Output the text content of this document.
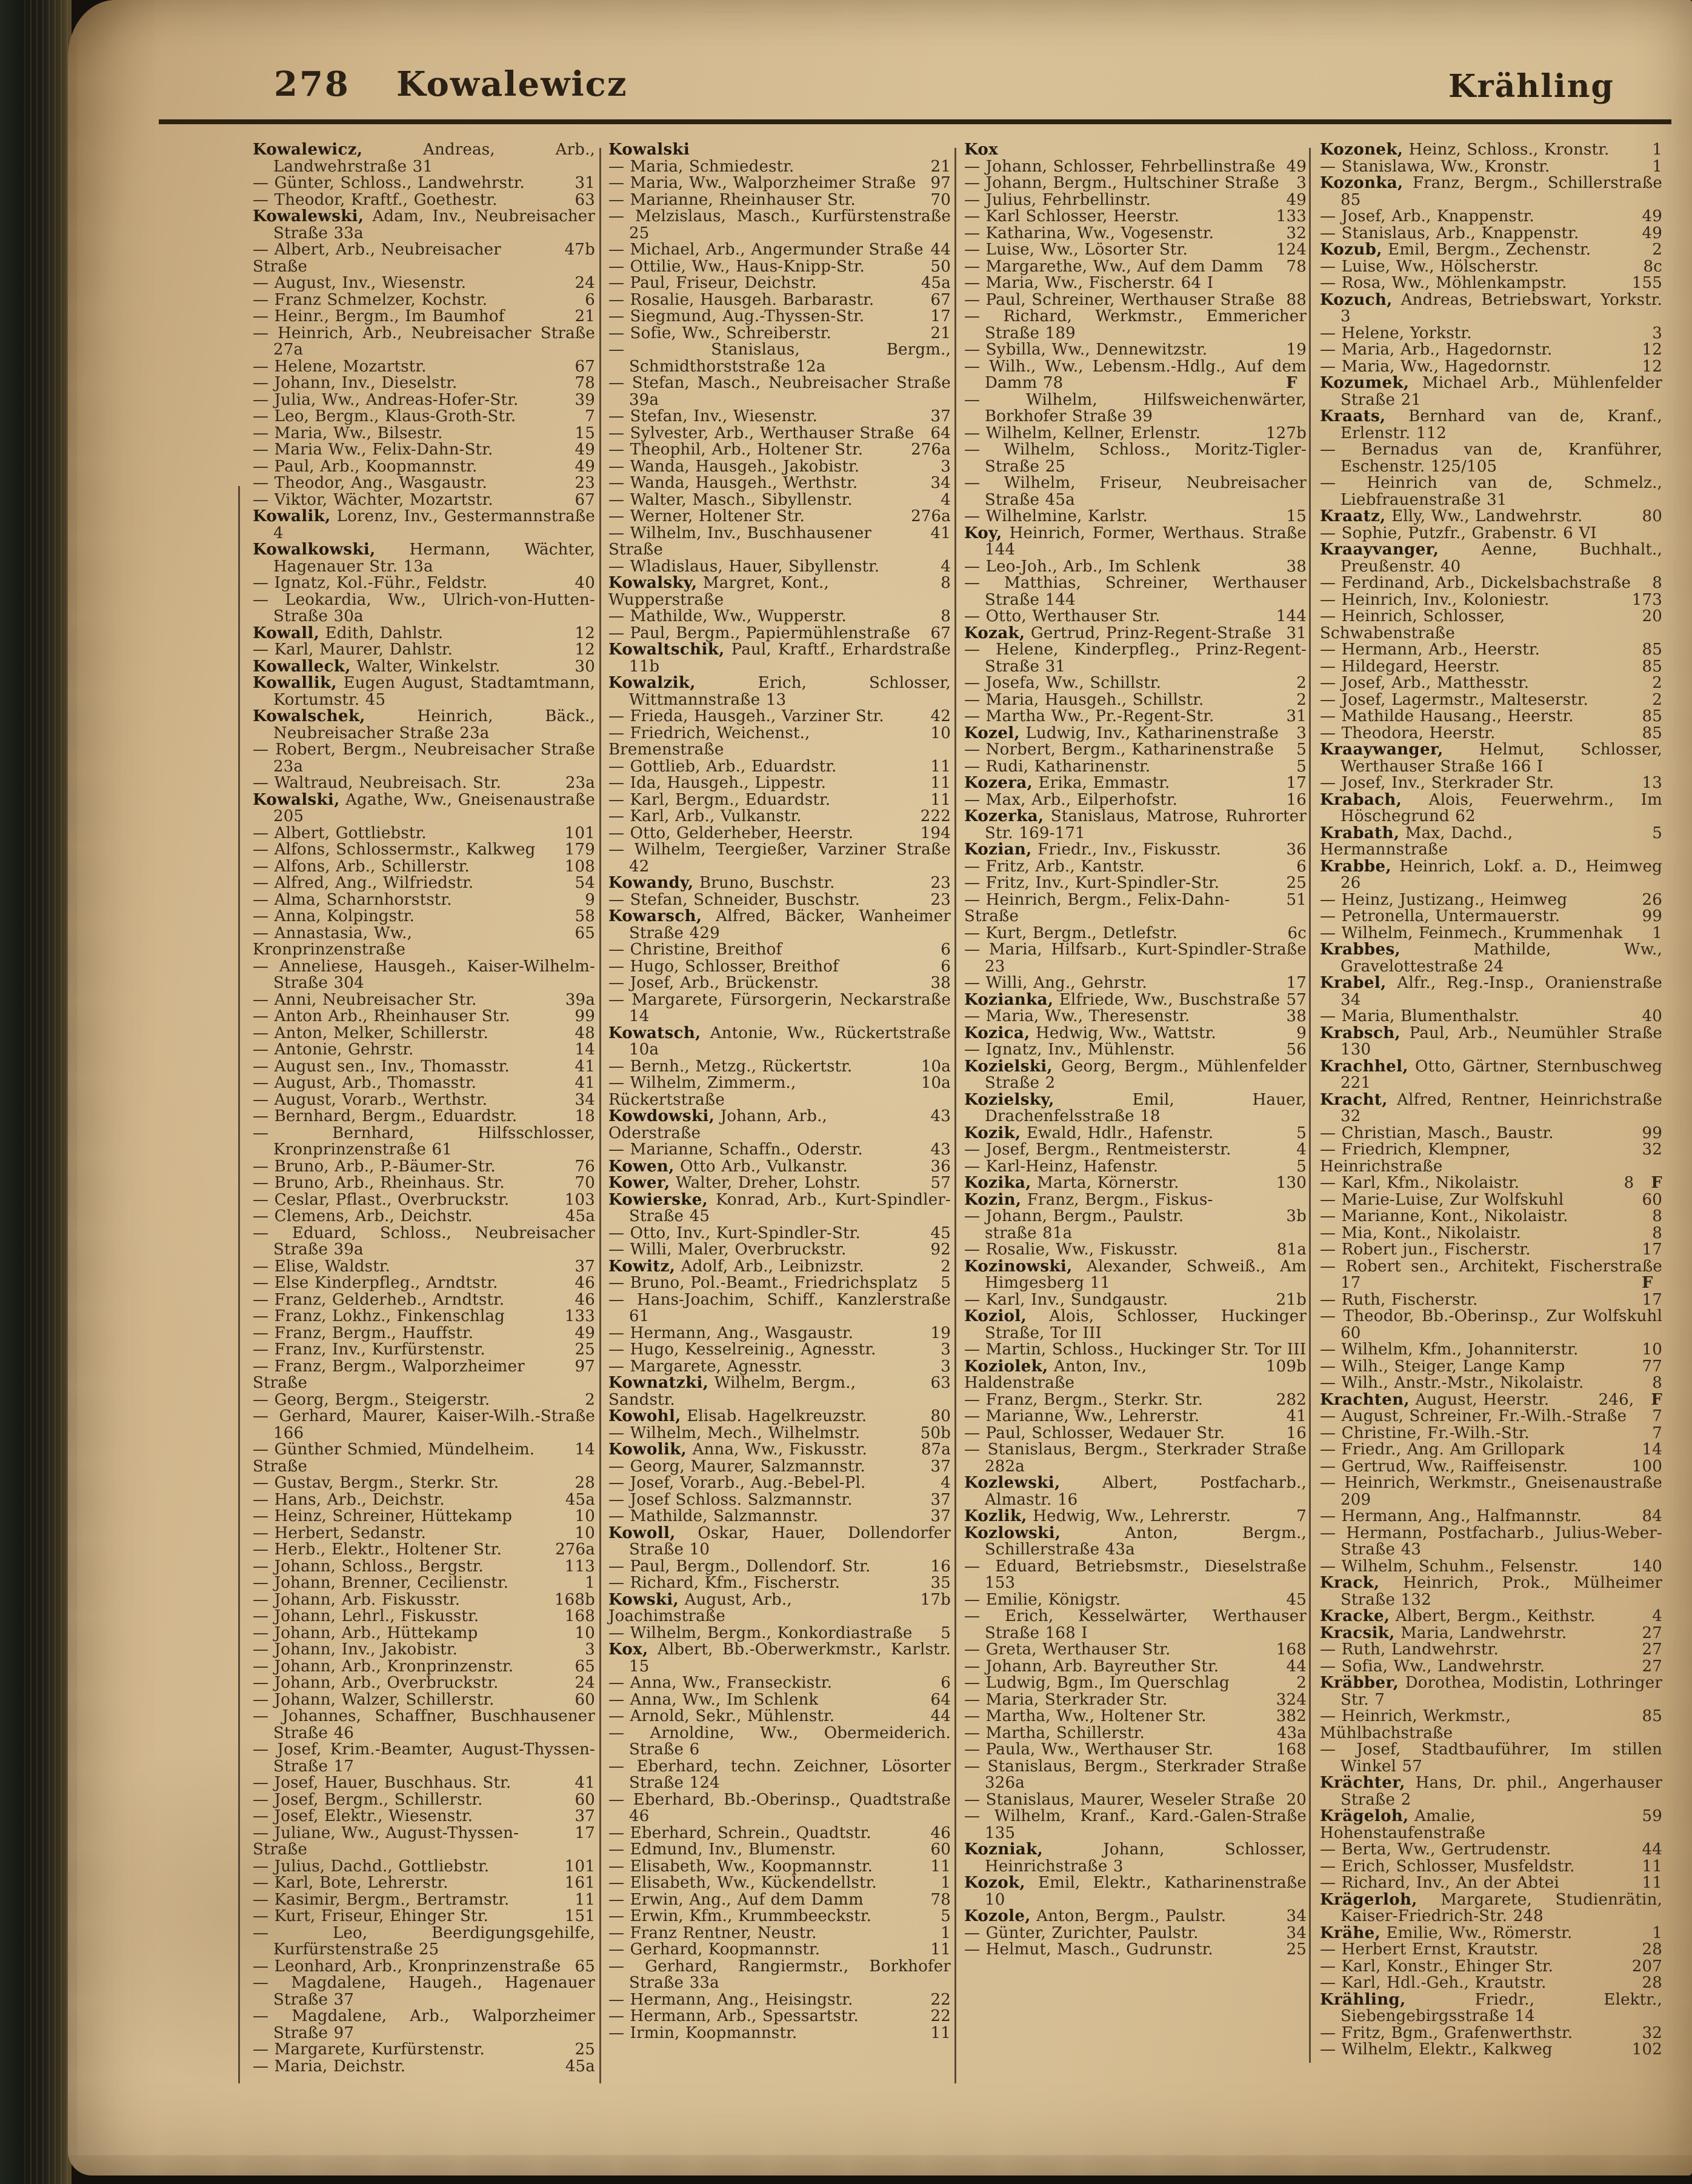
278 Kowalewicz	Krähling

Kowalewicz, Andreas, Arb., Landwehrstraße 31

— Günter, Schloss., Landwehrstr.	31

— Theodor, Kraftf., Goethestr.	63

Kowalewski, Adam, Inv., Neubreisacher Straße 33a

— Albert, Arb., Neubreisacher Straße
47b

— August, Inv., Wiesenstr.	24

— Franz Schmelzer, Kochstr.	6

— Heinr., Bergm., Im Baumhof	21

— Heinrich, Arb., Neubreisacher Straße 27a

— Helene, Mozartstr.	67

— Johann, Inv., Dieselstr.	78

— Julia, Ww., Andreas-Hofer-Str.	39

— Leo, Bergm., Klaus-Groth-Str.	7

— Maria, Ww., Bilsestr.	15

— Maria Ww., Felix-Dahn-Str.	49

— Paul, Arb., Koopmannstr.	49

— Theodor, Ang., Wasgaustr.	23

— Viktor, Wächter, Mozartstr.	67

Kowalik, Lorenz, Inv., Gestermannstraße 4

Kowalkowski, Hermann, Wächter, Hagenauer Str. 13a

— Ignatz, Kol.-Führ., Feldstr.	40

— Leokardia, Ww., Ulrich-von-Hutten-Straße 30a

Kowall, Edith, Dahlstr.	12

— Karl, Maurer, Dahlstr.	12

Kowalleck, Walter, Winkelstr.	30

Kowallik, Eugen August, Stadtamtmann, Kortumstr. 45

Kowalschek, Heinrich, Bäck., Neubreisacher Straße 23a

— Robert, Bergm., Neubreisacher Straße 23a

— Waltraud, Neubreisach. Str.	23a

Kowalski, Agathe, Ww., Gneisenaustraße 205

— Albert, Gottliebstr.	101

— Alfons, Schlossermstr., Kalkweg	179

— Alfons, Arb., Schillerstr.	108

— Alfred, Ang., Wilfriedstr.	54

— Alma, Scharnhorststr.	9

— Anna, Kolpingstr.	58

— Annastasia, Ww., Kronprinzenstraße
65

— Anneliese, Hausgeh., Kaiser-Wilhelm-Straße 304

— Anni, Neubreisacher Str.	39a

— Anton Arb., Rheinhauser Str.	99

— Anton, Melker, Schillerstr.	48

— Antonie, Gehrstr.	14

— August sen., Inv., Thomasstr.	41

— August, Arb., Thomasstr.	41

— August, Vorarb., Werthstr.	34

— Bernhard, Bergm., Eduardstr.	18

— Bernhard, Hilfsschlosser, Kronprinzenstraße 61

— Bruno, Arb., P.-Bäumer-Str.	76

— Bruno, Arb., Rheinhaus. Str.	70

— Ceslar, Pflast., Overbruckstr.	103

— Clemens, Arb., Deichstr.	45a

— Eduard, Schloss., Neubreisacher Straße 39a

— Elise, Waldstr.	37

— Else Kinderpfleg., Arndtstr.	46

— Franz, Gelderheb., Arndtstr.	46

— Franz, Lokhz., Finkenschlag	133

— Franz, Bergm., Hauffstr.	49

— Franz, Inv., Kurfürstenstr.	25

— Franz, Bergm., Walporzheimer Straße
97

— Georg, Bergm., Steigerstr.	2

— Gerhard, Maurer, Kaiser-Wilh.-Straße 166

— Günther Schmied, Mündelheim. Straße
14

— Gustav, Bergm., Sterkr. Str.	28

— Hans, Arb., Deichstr.	45a

— Heinz, Schreiner, Hüttekamp	10

— Herbert, Sedanstr.	10

— Herb., Elektr., Holtener Str.	276a

— Johann, Schloss., Bergstr.	113

— Johann, Brenner, Cecilienstr.	1

— Johann, Arb. Fiskusstr.	168b

— Johann, Lehrl., Fiskusstr.	168

— Johann, Arb., Hüttekamp	10

— Johann, Inv., Jakobistr.	3

— Johann, Arb., Kronprinzenstr.	65

— Johann, Arb., Overbruckstr.	24

— Johann, Walzer, Schillerstr.	60

— Johannes, Schaffner, Buschhausener Straße 46

— Josef, Krim.-Beamter, August-Thyssen-Straße 17

— Josef, Hauer, Buschhaus. Str.	41

— Josef, Bergm., Schillerstr.	60

— Josef, Elektr., Wiesenstr.	37

— Juliane, Ww., August-Thyssen-Straße
17

— Julius, Dachd., Gottliebstr.	101

— Karl, Bote, Lehrerstr.	161

— Kasimir, Bergm., Bertramstr.	11

— Kurt, Friseur, Ehinger Str.	151

— Leo, Beerdigungsgehilfe, Kurfürstenstraße 25

— Leonhard, Arb., Kronprinzenstraße 65

— Magdalene, Haugeh., Hagenauer Straße 37

— Magdalene, Arb., Walporzheimer Straße 97

— Margarete, Kurfürstenstr.	25

— Maria, Deichstr.	45a

Kowalski

— Maria, Schmiedestr.	21

— Maria, Ww., Walporzheimer Straße 97

— Marianne, Rheinhauser Str.	70

— Melzislaus, Masch., Kurfürstenstraße 25

— Michael, Arb., Angermunder Straße 44

— Ottilie, Ww., Haus-Knipp-Str.	50

— Paul, Friseur, Deichstr.	45a

— Rosalie, Hausgeh. Barbarastr.	67

— Siegmund, Aug.-Thyssen-Str.	17

— Sofie, Ww., Schreiberstr.	21

— Stanislaus, Bergm., Schmidthorststraße 12a

— Stefan, Masch., Neubreisacher Straße 39a

— Stefan, Inv., Wiesenstr.	37

— Sylvester, Arb., Werthauser Straße	64

— Theophil, Arb., Holtener Str.	276a

— Wanda, Hausgeh., Jakobistr.	3

— Wanda, Hausgeh., Werthstr.	34

— Walter, Masch., Sibyllenstr.	4

— Werner, Holtener Str.	276a

— Wilhelm, Inv., Buschhausener Straße
41

— Wladislaus, Hauer, Sibyllenstr.	4

Kowalsky, Margret, Kont., Wupperstraße
8

— Mathilde, Ww., Wupperstr.	8

— Paul, Bergm., Papiermühlenstraße	67

Kowaltschik, Paul, Kraftf., Erhardstraße 11b

Kowalzik, Erich, Schlosser, Wittmannstraße 13

— Frieda, Hausgeh., Varziner Str.	42

— Friedrich, Weichenst., Bremenstraße
10

— Gottlieb, Arb., Eduardstr.	11

— Ida, Hausgeh., Lippestr.	11

— Karl, Bergm., Eduardstr.	11

— Karl, Arb., Vulkanstr.	222

— Otto, Gelderheber, Heerstr.	194

— Wilhelm, Teergießer, Varziner Straße 42

Kowandy, Bruno, Buschstr.	23

— Stefan, Schneider, Buschstr.	23

Kowarsch, Alfred, Bäcker, Wanheimer Straße 429

— Christine, Breithof	6

— Hugo, Schlosser, Breithof	6

— Josef, Arb., Brückenstr.	38

— Margarete, Fürsorgerin, Neckarstraße 14

Kowatsch, Antonie, Ww., Rückertstraße 10a

— Bernh., Metzg., Rückertstr.	10a

— Wilhelm, Zimmerm., Rückertstraße
10a

Kowdowski, Johann, Arb., Oderstraße
43

— Marianne, Schaffn., Oderstr.	43

Kowen, Otto Arb., Vulkanstr.	36

Kower, Walter, Dreher, Lohstr.	57

Kowierske, Konrad, Arb., Kurt-Spindler-Straße 45

— Otto, Inv., Kurt-Spindler-Str.	45

— Willi, Maler, Overbruckstr.	92

Kowitz, Adolf, Arb., Leibnizstr.	2

— Bruno, Pol.-Beamt., Friedrichsplatz	5

— Hans-Joachim, Schiff., Kanzlerstraße 61

— Hermann, Ang., Wasgaustr.	19

— Hugo, Kesselreinig., Agnesstr.	3

— Margarete, Agnesstr.	3

Kownatzki, Wilhelm, Bergm., Sandstr.
63

Kowohl, Elisab. Hagelkreuzstr.	80

— Wilhelm, Mech., Wilhelmstr.	50b

Kowolik, Anna, Ww., Fiskusstr.	87a

— Georg, Maurer, Salzmannstr.	37

— Josef, Vorarb., Aug.-Bebel-Pl.	4

— Josef Schloss. Salzmannstr.	37

— Mathilde, Salzmannstr.	37

Kowoll, Oskar, Hauer, Dollendorfer Straße 10

— Paul, Bergm., Dollendorf. Str.	16

— Richard, Kfm., Fischerstr.	35

Kowski, August, Arb., Joachimstraße
17b

— Wilhelm, Bergm., Konkordiastraße	5

Kox, Albert, Bb.-Oberwerkmstr., Karlstr. 15

— Anna, Ww., Franseckistr.	6

— Anna, Ww., Im Schlenk	64

— Arnold, Sekr., Mühlenstr.	44

— Arnoldine, Ww., Obermeiderich. Straße 6

— Eberhard, techn. Zeichner, Lösorter Straße 124

— Eberhard, Bb.-Oberinsp., Quadtstraße 46

— Eberhard, Schrein., Quadtstr.	46

— Edmund, Inv., Blumenstr.	60

— Elisabeth, Ww., Koopmannstr.	11

— Elisabeth, Ww., Kückendellstr.	1

— Erwin, Ang., Auf dem Damm	78

— Erwin, Kfm., Krummbeeckstr.	5

— Franz Rentner, Neustr.	1

— Gerhard, Koopmannstr.	11

— Gerhard, Rangiermstr., Borkhofer Straße 33a

— Hermann, Ang., Heisingstr.	22

— Hermann, Arb., Spessartstr.	22

— Irmin, Koopmannstr.	11

Kox

— Johann, Schlosser, Fehrbellinstraße 49

— Johann, Bergm., Hultschiner Straße	3

— Julius, Fehrbellinstr.	49

— Karl Schlosser, Heerstr.	133

— Katharina, Ww., Vogesenstr.	32

— Luise, Ww., Lösorter Str.	124

— Margarethe, Ww., Auf dem Damm	78

— Maria, Ww., Fischerstr. 64 I

— Paul, Schreiner, Werthauser Straße 88

— Richard, Werkmstr., Emmericher Straße 189

— Sybilla, Ww., Dennewitzstr.	19

— Wilh., Ww., Lebensm.-Hdlg., Auf dem Damm 78	F

— Wilhelm, Hilfsweichenwärter, Borkhofer Straße 39

— Wilhelm, Kellner, Erlenstr.	127b

— Wilhelm, Schloss., Moritz-Tigler-Straße 25

— Wilhelm, Friseur, Neubreisacher Straße 45a

— Wilhelmine, Karlstr.	15

Koy, Heinrich, Former, Werthaus. Straße 144

— Leo-Joh., Arb., Im Schlenk	38

— Matthias, Schreiner, Werthauser Straße 144

— Otto, Werthauser Str.	144

Kozak, Gertrud, Prinz-Regent-Straße 31

— Helene, Kinderpfleg., Prinz-Regent-Straße 31

— Josefa, Ww., Schillstr.	2

— Maria, Hausgeh., Schillstr.	2

— Martha Ww., Pr.-Regent-Str.	31

Kozel, Ludwig, Inv., Katharinenstraße	3

— Norbert, Bergm., Katharinenstraße	5

— Rudi, Katharinenstr.	5

Kozera, Erika, Emmastr.	17

— Max, Arb., Eilperhofstr.	16

Kozerka, Stanislaus, Matrose, Ruhrorter Str. 169-171

Kozian, Friedr., Inv., Fiskusstr.	36

— Fritz, Arb., Kantstr.	6

— Fritz, Inv., Kurt-Spindler-Str.	25

— Heinrich, Bergm., Felix-Dahn-Straße
51

— Kurt, Bergm., Detlefstr.	6c

— Maria, Hilfsarb., Kurt-Spindler-Straße 23

— Willi, Ang., Gehrstr.	17

Kozianka, Elfriede, Ww., Buschstraße 57

— Maria, Ww., Theresenstr.	38

Kozica, Hedwig, Ww., Wattstr.	9

— Ignatz, Inv., Mühlenstr.	56

Kozielski, Georg, Bergm., Mühlenfelder Straße 2

Kozielsky, Emil, Hauer, Drachenfelsstraße 18

Kozik, Ewald, Hdlr., Hafenstr.	5

— Josef, Bergm., Rentmeisterstr.	4

— Karl-Heinz, Hafenstr.	5

Kozika, Marta, Körnerstr.	130

Kozin, Franz, Bergm., Fiskus-

— Johann, Bergm., Paulstr.	3b

straße 81a

— Rosalie, Ww., Fiskusstr.	81a

Kozinowski, Alexander, Schweiß., Am Himgesberg 11

— Karl, Inv., Sundgaustr.	21b

Koziol, Alois, Schlosser, Huckinger Straße, Tor III

— Martin, Schloss., Huckinger Str. Tor III

Koziolek, Anton, Inv., Haldenstraße
109b

— Franz, Bergm., Sterkr. Str.	282

— Marianne, Ww., Lehrerstr.	41

— Paul, Schlosser, Wedauer Str.	16

— Stanislaus, Bergm., Sterkrader Straße 282a

Kozlewski, Albert, Postfacharb., Almastr. 16

Kozlik, Hedwig, Ww., Lehrerstr.	7

Kozlowski, Anton, Bergm., Schillerstraße 43a

— Eduard, Betriebsmstr., Dieselstraße 153

— Emilie, Königstr.	45

— Erich, Kesselwärter, Werthauser Straße 168 I

— Greta, Werthauser Str.	168

— Johann, Arb. Bayreuther Str.	44

— Ludwig, Bgm., Im Querschlag	2

— Maria, Sterkrader Str.	324

— Martha, Ww., Holtener Str.	382

— Martha, Schillerstr.	43a

— Paula, Ww., Werthauser Str.	168

— Stanislaus, Bergm., Sterkrader Straße 326a

— Stanislaus, Maurer, Weseler Straße 20

— Wilhelm, Kranf., Kard.-Galen-Straße 135

Kozniak, Johann, Schlosser, Heinrichstraße 3

Kozok, Emil, Elektr., Katharinenstraße 10

Kozole, Anton, Bergm., Paulstr.	34

— Günter, Zurichter, Paulstr.	34

— Helmut, Masch., Gudrunstr.	25

Kozonek, Heinz, Schloss., Kronstr.	1

— Stanislawa, Ww., Kronstr.	1

Kozonka, Franz, Bergm., Schillerstraße 85

— Josef, Arb., Knappenstr.	49

— Stanislaus, Arb., Knappenstr.	49

Kozub, Emil, Bergm., Zechenstr.	2

— Luise, Ww., Hölscherstr.	8c

— Rosa, Ww., Möhlenkampstr.	155

Kozuch, Andreas, Betriebswart, Yorkstr. 3

— Helene, Yorkstr.	3

— Maria, Arb., Hagedornstr.	12

— Maria, Ww., Hagedornstr.	12

Kozumek, Michael Arb., Mühlenfelder Straße 21

Kraats, Bernhard van de, Kranf., Erlenstr. 112

— Bernadus van de, Kranführer, Eschenstr. 125/105

— Heinrich van de, Schmelz., Liebfrauenstraße 31

Kraatz, Elly, Ww., Landwehrstr.	80

— Sophie, Putzfr., Grabenstr. 6 VI

Kraayvanger, Aenne, Buchhalt., Preußenstr. 40

— Ferdinand, Arb., Dickelsbachstraße	8

— Heinrich, Inv., Koloniestr.	173

— Heinrich, Schlosser, Schwabenstraße
20

— Hermann, Arb., Heerstr.	85

— Hildegard, Heerstr.	85

— Josef, Arb., Matthesstr.	2

— Josef, Lagermstr., Malteserstr.	2

— Mathilde Hausang., Heerstr.	85

— Theodora, Heerstr.	85

Kraaywanger, Helmut, Schlosser, Werthauser Straße 166 I

— Josef, Inv., Sterkrader Str.	13

Krabach, Alois, Feuerwehrm., Im Höschegrund 62

Krabath, Max, Dachd., Hermannstraße
5

Krabbe, Heinrich, Lokf. a. D., Heimweg 26

— Heinz, Justizang., Heimweg	26

— Petronella, Untermauerstr.	99

— Wilhelm, Feinmech., Krummenhak	1

Krabbes, Mathilde, Ww., Gravelottestraße 24

Krabel, Alfr., Reg.-Insp., Oranienstraße 34

— Maria, Blumenthalstr.	40

Krabsch, Paul, Arb., Neumühler Straße 130

Krachhel, Otto, Gärtner, Sternbuschweg 221

Kracht, Alfred, Rentner, Heinrichstraße 32

— Christian, Masch., Baustr.	99

— Friedrich, Klempner, Heinrichstraße
32

— Karl, Kfm., Nikolaistr.	8 F

— Marie-Luise, Zur Wolfskuhl	60

— Marianne, Kont., Nikolaistr.	8

— Mia, Kont., Nikolaistr.	8

— Robert jun., Fischerstr.	17

— Robert sen., Architekt, Fischerstraße 17	F

— Ruth, Fischerstr.	17

— Theodor, Bb.-Oberinsp., Zur Wolfskuhl 60

— Wilhelm, Kfm., Johanniterstr.	10

— Wilh., Steiger, Lange Kamp	77

— Wilh., Anstr.-Mstr., Nikolaistr.	8

Krachten, August, Heerstr.	246, F

— August, Schreiner, Fr.-Wilh.-Straße	7

— Christine, Fr.-Wilh.-Str.	7

— Friedr., Ang. Am Grillopark	14

— Gertrud, Ww., Raiffeisenstr.	100

— Heinrich, Werkmstr., Gneisenaustraße 209

— Hermann, Ang., Halfmannstr.	84

— Hermann, Postfacharb., Julius-Weber-Straße 43

— Wilhelm, Schuhm., Felsenstr.	140

Krack, Heinrich, Prok., Mülheimer Straße 132

Kracke, Albert, Bergm., Keithstr.	4

Kracsik, Maria, Landwehrstr.	27

— Ruth, Landwehrstr.	27

— Sofia, Ww., Landwehrstr.	27

Kräbber, Dorothea, Modistin, Lothringer Str. 7

— Heinrich, Werkmstr., Mühlbachstraße
85

— Josef, Stadtbauführer, Im stillen Winkel 57

Krächter, Hans, Dr. phil., Angerhauser Straße 2

Krägeloh, Amalie, Hohenstaufenstraße
59

— Berta, Ww., Gertrudenstr.	44

— Erich, Schlosser, Musfeldstr.	11

— Richard, Inv., An der Abtei	11

Krägerloh, Margarete, Studienrätin, Kaiser-Friedrich-Str. 248

Krähe, Emilie, Ww., Römerstr.	1

— Herbert Ernst, Krautstr.	28

— Karl, Konstr., Ehinger Str.	207

— Karl, Hdl.-Geh., Krautstr.	28

Krähling, Friedr., Elektr., Siebengebirgsstraße 14

— Fritz, Bgm., Grafenwerthstr.	32

— Wilhelm, Elektr., Kalkweg	102
